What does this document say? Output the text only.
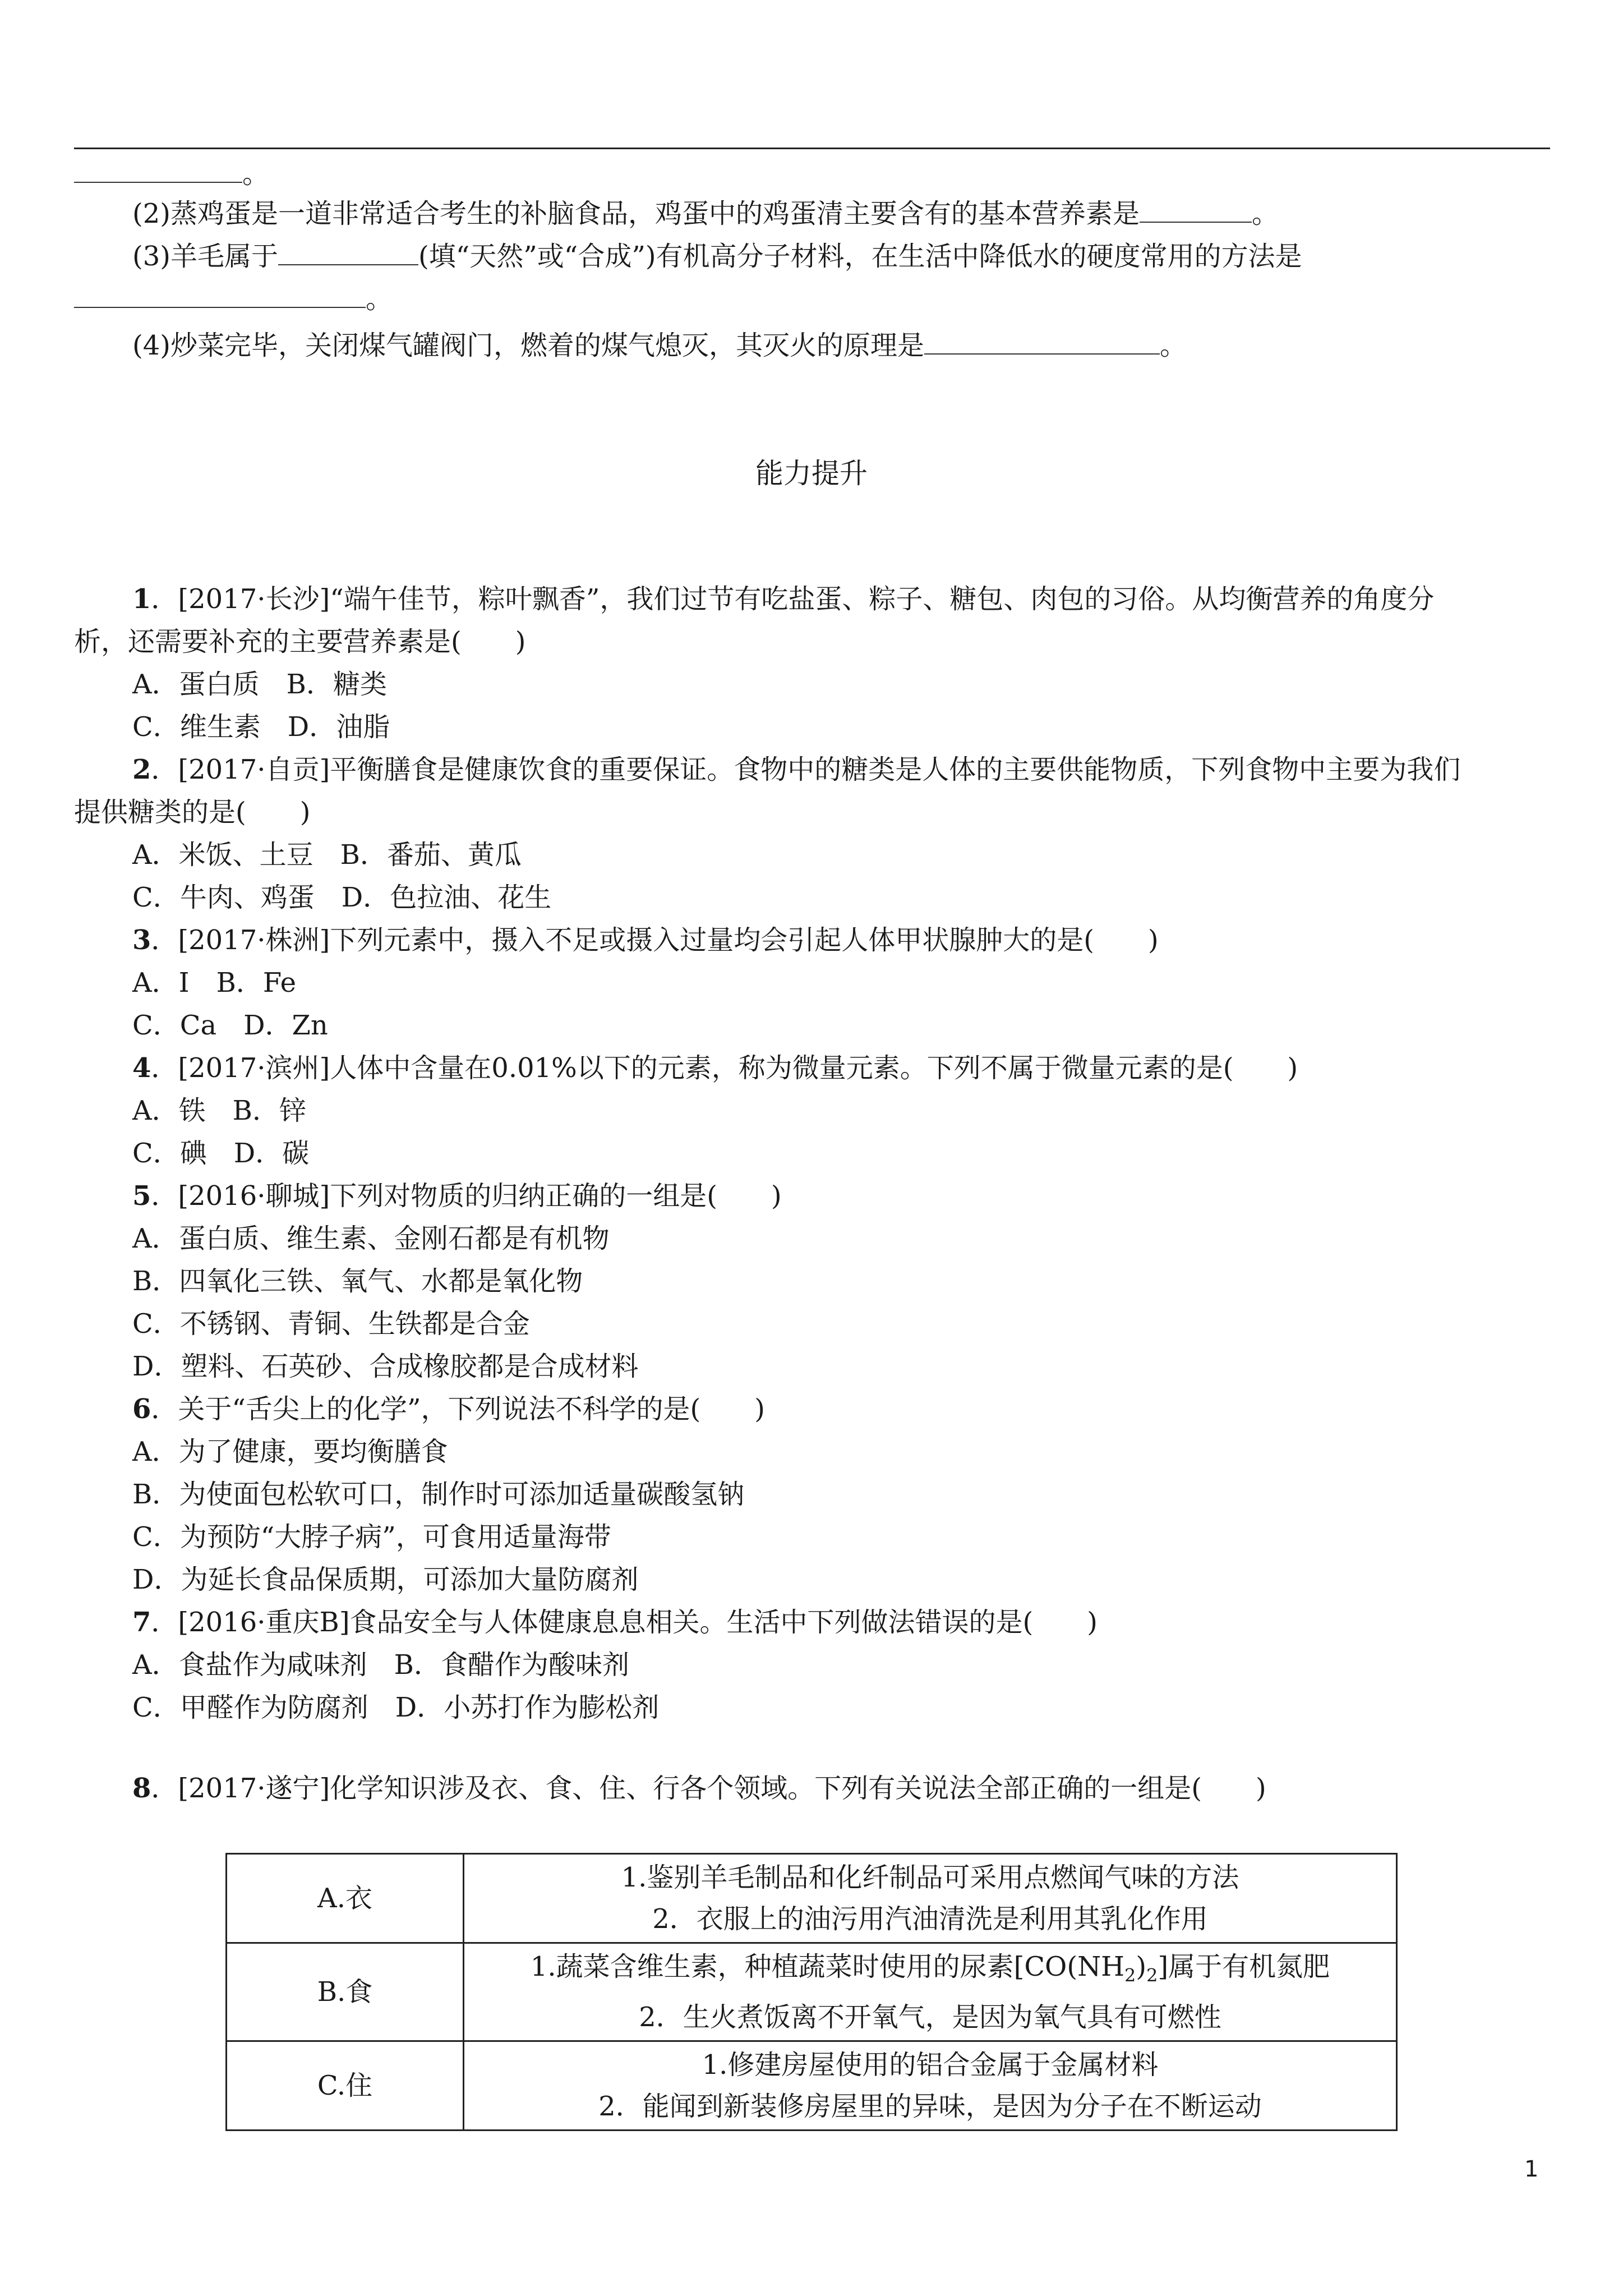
。
(2)蒸鸡蛋是一道非常适合考生的补脑食品，鸡蛋中的鸡蛋清主要含有的基本营养素是	。
(3)羊毛属于	(填“天然”或“合成”)有机高分子材料，在生活中降低水的硬度常用的方法是
。
(4)炒菜完毕，关闭煤气罐阀门，燃着的煤气熄灭，其灭火的原理是	。
能力提升
1．[2017·长沙]“端午佳节，粽叶飘香”，我们过节有吃盐蛋、粽子、糖包、肉包的习俗。从均衡营养的角度分
析，还需要补充的主要营养素是(　　)
A．蛋白质　B．糖类
C．维生素　D．油脂
2．[2017·自贡]平衡膳食是健康饮食的重要保证。食物中的糖类是人体的主要供能物质，下列食物中主要为我们
提供糖类的是(　　)
A．米饭、土豆　B．番茄、黄瓜
C．牛肉、鸡蛋　D．色拉油、花生
3．[2017·株洲]下列元素中，摄入不足或摄入过量均会引起人体甲状腺肿大的是(　　)
A．I　B．Fe
C．Ca　D．Zn
4．[2017·滨州]人体中含量在0.01%以下的元素，称为微量元素。下列不属于微量元素的是(　　)
A．铁　B．锌
C．碘　D．碳
5．[2016·聊城]下列对物质的归纳正确的一组是(　　)
A．蛋白质、维生素、金刚石都是有机物
B．四氧化三铁、氧气、水都是氧化物
C．不锈钢、青铜、生铁都是合金
D．塑料、石英砂、合成橡胶都是合成材料
6．关于“舌尖上的化学”，下列说法不科学的是(　　)
A．为了健康，要均衡膳食
B．为使面包松软可口，制作时可添加适量碳酸氢钠
C．为预防“大脖子病”，可食用适量海带
D．为延长食品保质期，可添加大量防腐剂
7．[2016·重庆B]食品安全与人体健康息息相关。生活中下列做法错误的是(　　)
A．食盐作为咸味剂　B．食醋作为酸味剂
C．甲醛作为防腐剂　D．小苏打作为膨松剂
8．[2017·遂宁]化学知识涉及衣、食、住、行各个领域。下列有关说法全部正确的一组是(　　)
A.衣	1.鉴别羊毛制品和化纤制品可采用点燃闻气味的方法
2．衣服上的油污用汽油清洗是利用其乳化作用

B.食	1.蔬菜含维生素，种植蔬菜时使用的尿素$[CO(NH_2)_2]$属于有机氮肥
2．生火煮饭离不开氧气，是因为氧气具有可燃性

C.住	1.修建房屋使用的铝合金属于金属材料
2．能闻到新装修房屋里的异味，是因为分子在不断运动
1
